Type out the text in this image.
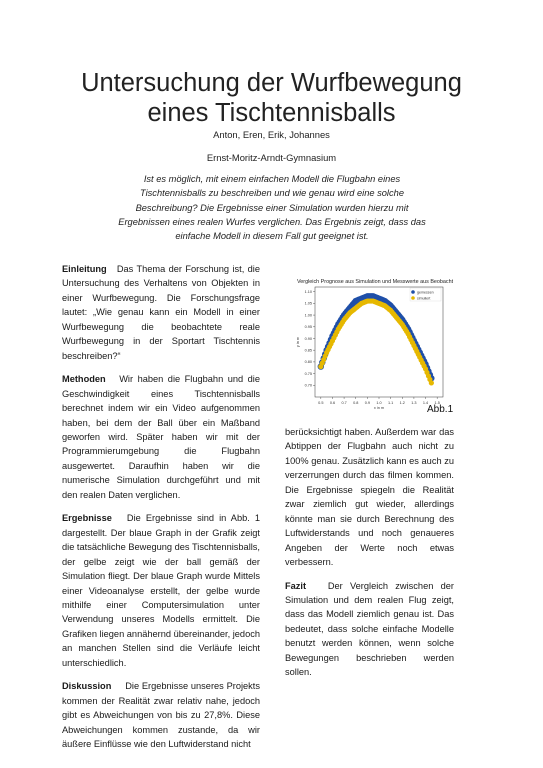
Untersuchung der Wurfbewegung
eines Tischtennisballs
Anton, Eren, Erik, Johannes
Ernst-Moritz-Arndt-Gymnasium
Ist es möglich, mit einem einfachen Modell die Flugbahn eines Tischtennisballs zu beschreiben und wie genau wird eine solche Beschreibung? Die Ergebnisse einer Simulation wurden hierzu mit Ergebnissen eines realen Wurfes verglichen. Das Ergebnis zeigt, dass das einfache Modell in diesem Fall gut geeignet ist.

Einleitung Das Thema der Forschung ist, die Untersuchung des Verhaltens von Objekten in einer Wurfbewegung. Die Forschungsfrage lautet: „Wie genau kann ein Modell in einer Wurfbewegung die beobachtete reale Wurfbewegung in der Sportart Tischtennis beschreiben?“

Methoden Wir haben die Flugbahn und die Geschwindigkeit eines Tischtennisballs berechnet indem wir ein Video aufgenommen haben, bei dem der Ball über ein Maßband geworfen wird. Später haben wir mit der Programmierumgebung die Flugbahn ausgewertet. Daraufhin haben wir die numerische Simulation durchgeführt und mit den realen Daten verglichen.

Ergebnisse Die Ergebnisse sind in Abb. 1 dargestellt. Der blaue Graph in der Grafik zeigt die tatsächliche Bewegung des Tischtennisballs, der gelbe zeigt wie der ball gemäß der Simulation fliegt. Der blaue Graph wurde Mittels einer Videoanalyse erstellt, der gelbe wurde mithilfe einer Computersimulation unter Verwendung unseres Modells ermittelt. Die Grafiken liegen annähernd übereinander, jedoch an manchen Stellen sind die Verläufe leicht unterschiedlich.

Diskussion Die Ergebnisse unseres Projekts kommen der Realität zwar relativ nahe, jedoch gibt es Abweichungen von bis zu 27,8%. Diese Abweichungen kommen zustande, da wir äußere Einflüsse wie den Luftwiderstand nicht

Vergleich Prognose aus Simulation und Messwerte aus Beobachtung
0.5 0.6 0.7 0.8 0.9 1.0 1.1 1.2 1.3 1.4 1.5
0.70
0.75
0.80
0.85
0.90
0.95
1.00
1.05
1.10
x in m
y in m
gemessen
simuliert
Abb.1

berücksichtigt haben. Außerdem war das Abtippen der Flugbahn auch nicht zu 100% genau. Zusätzlich kann es auch zu verzerrungen durch das filmen kommen. Die Ergebnisse spiegeln die Realität zwar ziemlich gut wieder, allerdings könnte man sie durch Berechnung des Luftwiderstands und noch genaueres Angeben der Werte noch etwas verbessern.

Fazit Der Vergleich zwischen der Simulation und dem realen Flug zeigt, dass das Modell ziemlich genau ist. Das bedeutet, dass solche einfache Modelle benutzt werden können, wenn solche Bewegungen beschrieben werden sollen.
